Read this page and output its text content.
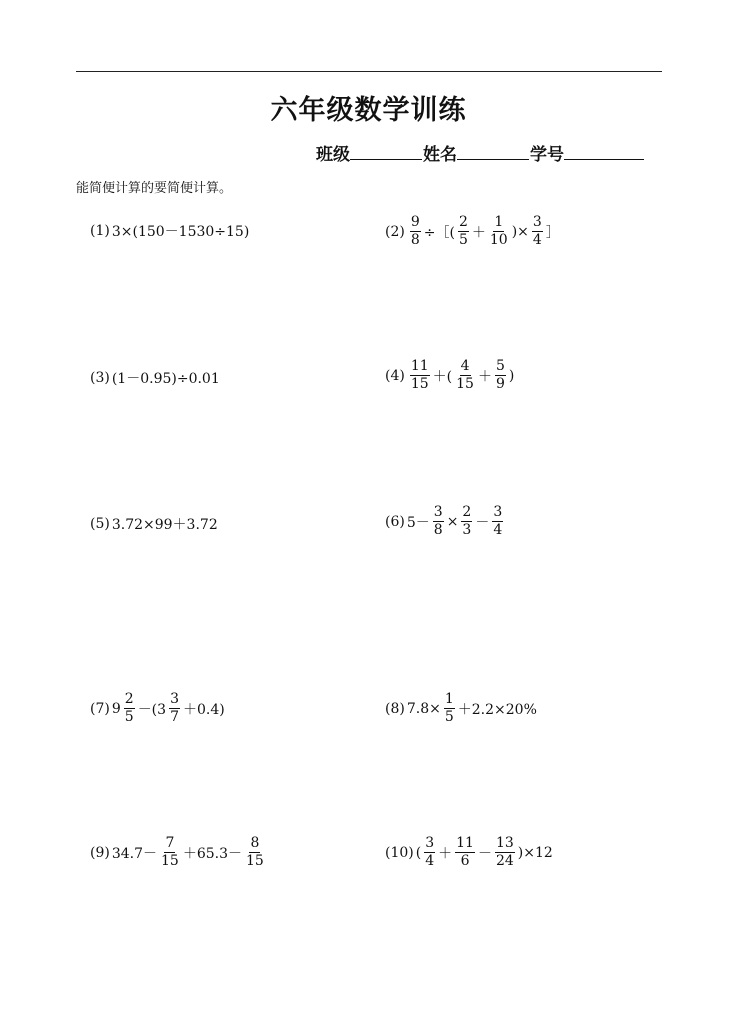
六年级数学训练
班级	姓名	学号
能简便计算的要简便计算。
(1) 3×(150－1530÷15)	$(2) \frac{9}{8}$ ÷［( $\frac{2}{5} + \frac{1}{10}$ )× $\frac{3}{4}$ ］
(3) (1－0.95)÷0.01	$(4) \frac{11}{15}$ ＋( $\frac{4}{15} + \frac{5}{9}$ )
(5) 3.72×99＋3.72	(6) $5- \frac{3}{8} \times \frac{2}{3} - \frac{3}{4}$
(7) $9 \frac{2}{5} -(3 \frac{3}{7} +0.4)$	(8) $7.8\times \frac{1}{5} +2.2\times 20\%$
(9) $34.7- \frac{7}{15} +65.3- \frac{8}{15}$	(10) ( $\frac{3}{4} + \frac{11}{6} - \frac{13}{24} )\times 12$
